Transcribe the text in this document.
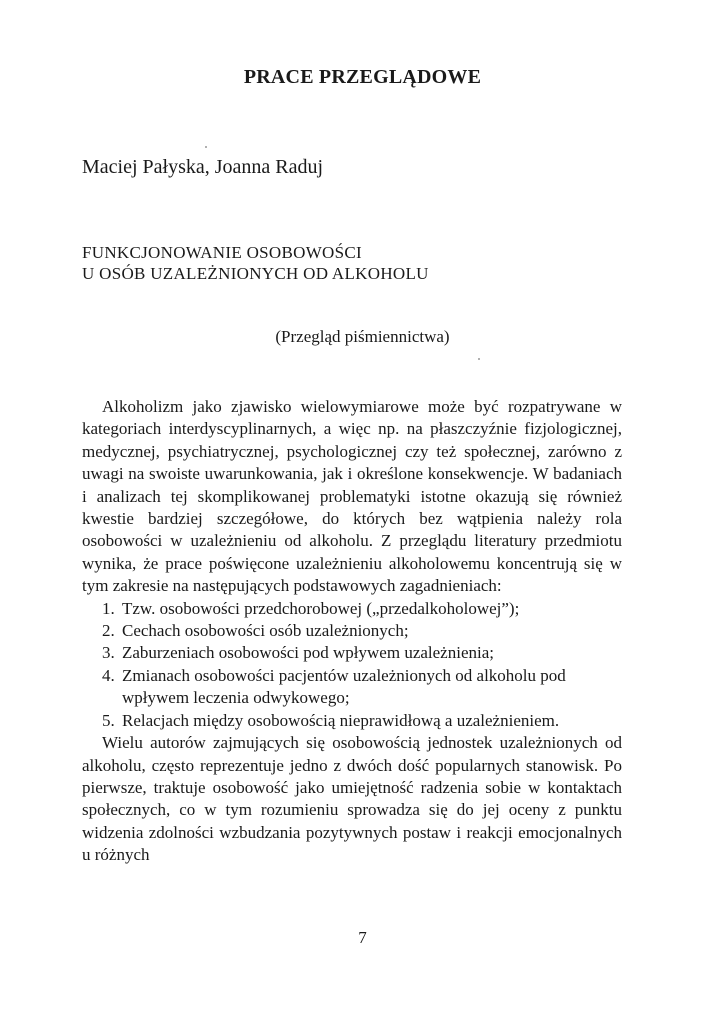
PRACE PRZEGLĄDOWE
Maciej Pałyska, Joanna Raduj
FUNKCJONOWANIE OSOBOWOŚCI
U OSÓB UZALEŻNIONYCH OD ALKOHOLU
(Przegląd piśmiennictwa)

Alkoholizm jako zjawisko wielowymiarowe może być rozpatrywane w kategoriach interdyscyplinarnych, a więc np. na płaszczyźnie fizjologicznej, medycznej, psychiatrycznej, psychologicznej czy też społecznej, zarówno z uwagi na swoiste uwarunkowania, jak i określone konsekwencje. W badaniach i analizach tej skomplikowanej problematyki istotne okazują się również kwestie bardziej szczegółowe, do których bez wątpienia należy rola osobowości w uzależnieniu od alkoholu. Z przeglądu literatury przedmiotu wynika, że prace poświęcone uzależnieniu alkoholowemu koncentrują się w tym zakresie na następujących podstawowych zagadnieniach:

1. Tzw. osobowości przedchorobowej („przedalkoholowej”);
2. Cechach osobowości osób uzależnionych;
3. Zaburzeniach osobowości pod wpływem uzależnienia;
4. Zmianach osobowości pacjentów uzależnionych od alkoholu pod wpływem leczenia odwykowego;
5. Relacjach między osobowością nieprawidłową a uzależnieniem.

Wielu autorów zajmujących się osobowością jednostek uzależnionych od alkoholu, często reprezentuje jedno z dwóch dość popularnych stanowisk. Po pierwsze, traktuje osobowość jako umiejętność radzenia sobie w kontaktach społecznych, co w tym rozumieniu sprowadza się do jej oceny z punktu widzenia zdolności wzbudzania pozytywnych postaw i reakcji emocjonalnych u różnych

7
